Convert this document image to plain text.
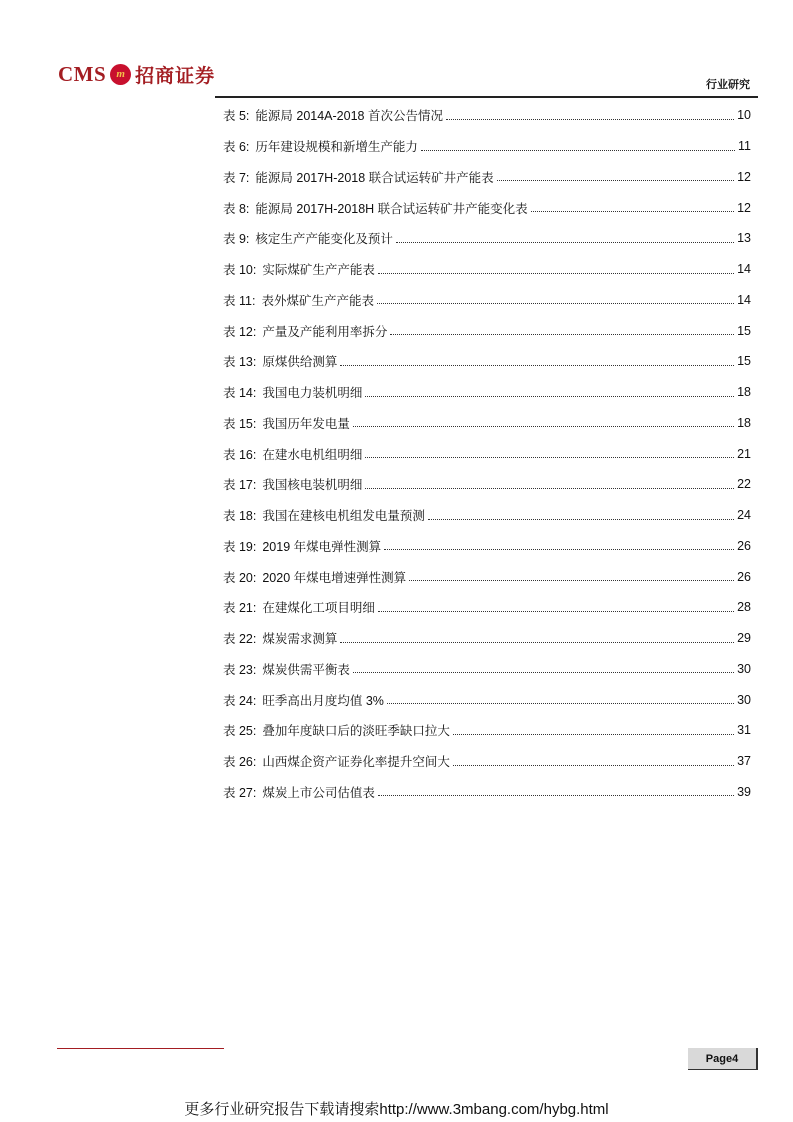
CMS m 招商证券	行业研究
表 5: 能源局 2014A-2018 首次公告情况	10
表 6: 历年建设规模和新增生产能力	11
表 7: 能源局 2017H-2018 联合试运转矿井产能表	12
表 8: 能源局 2017H-2018H 联合试运转矿井产能变化表	12
表 9: 核定生产产能变化及预计	13
表 10: 实际煤矿生产产能表	14
表 11: 表外煤矿生产产能表	14
表 12: 产量及产能利用率拆分	15
表 13: 原煤供给测算	15
表 14: 我国电力装机明细	18
表 15: 我国历年发电量	18
表 16: 在建水电机组明细	21
表 17: 我国核电装机明细	22
表 18: 我国在建核电机组发电量预测	24
表 19: 2019 年煤电弹性测算	26
表 20: 2020 年煤电增速弹性测算	26
表 21: 在建煤化工项目明细	28
表 22: 煤炭需求测算	29
表 23: 煤炭供需平衡表	30
表 24: 旺季高出月度均值 3%	30
表 25: 叠加年度缺口后的淡旺季缺口拉大	31
表 26: 山西煤企资产证券化率提升空间大	37
表 27: 煤炭上市公司估值表	39
Page4
更多行业研究报告下载请搜索http://www.3mbang.com/hybg.html
